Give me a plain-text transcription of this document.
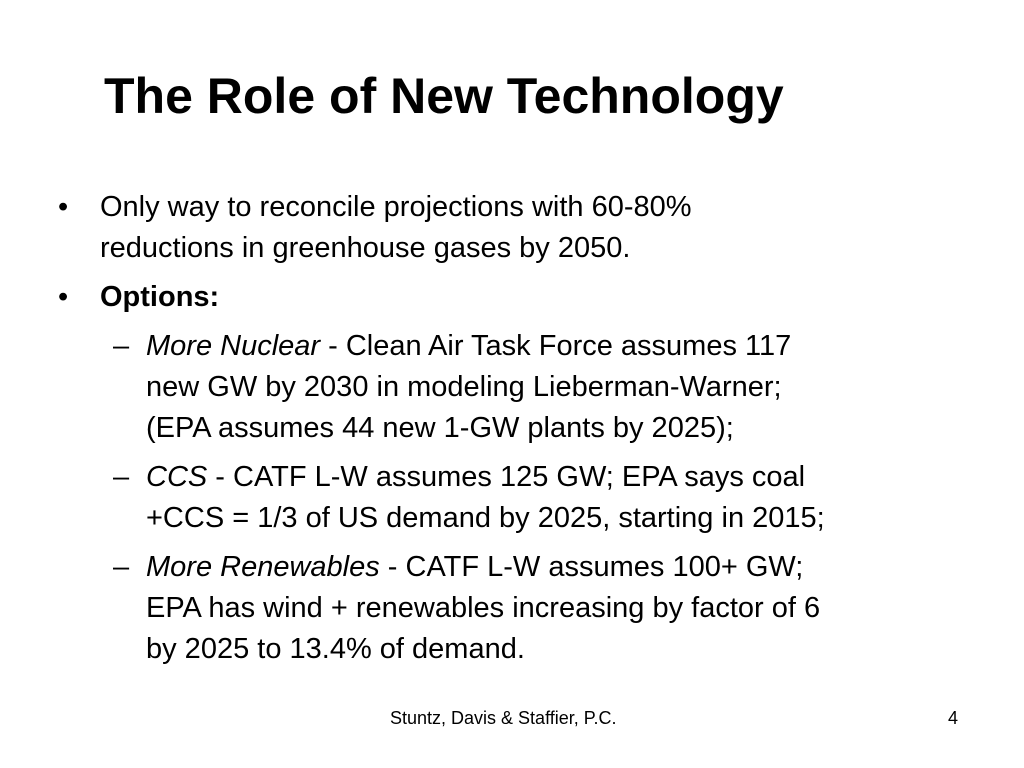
The Role of New Technology
• Only way to reconcile projections with 60-80%
reductions in greenhouse gases by 2050.
• Options:
– More Nuclear - Clean Air Task Force assumes 117
new GW by 2030 in modeling Lieberman-Warner;
(EPA assumes 44 new 1-GW plants by 2025);
– CCS - CATF L-W assumes 125 GW; EPA says coal
+CCS = 1/3 of US demand by 2025, starting in 2015;
– More Renewables - CATF L-W assumes 100+ GW;
EPA has wind + renewables increasing by factor of 6
by 2025 to 13.4% of demand.
Stuntz, Davis & Staffier, P.C.	4
